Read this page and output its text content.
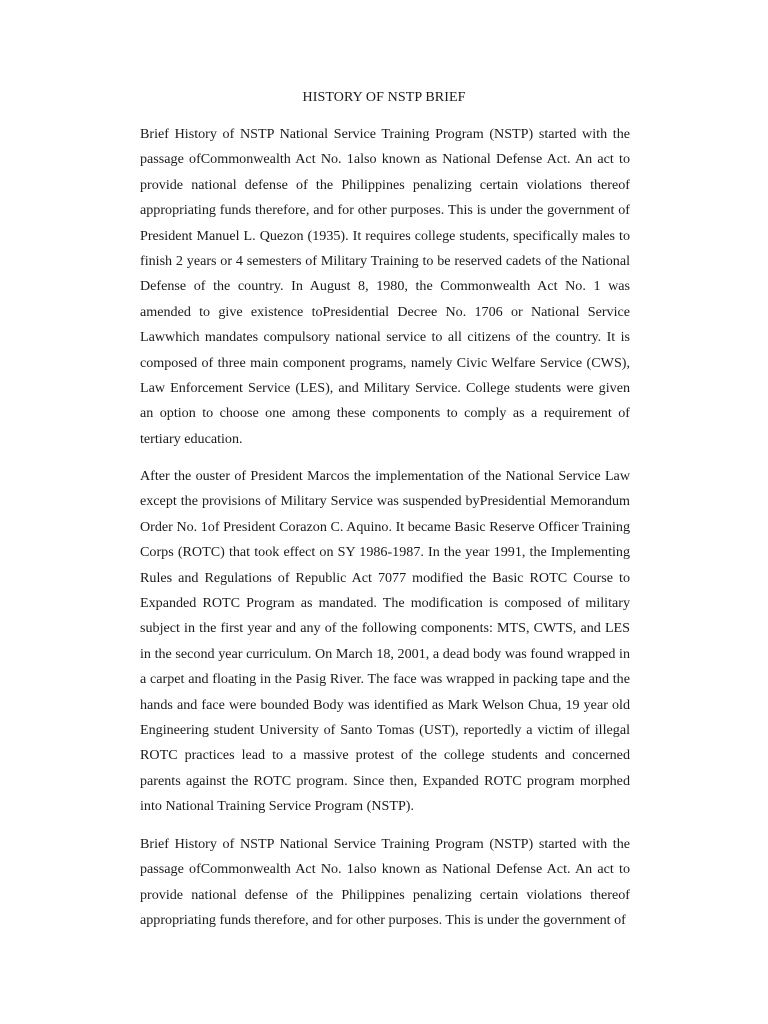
HISTORY OF NSTP BRIEF

Brief History of NSTP National Service Training Program (NSTP) started with the passage ofCommonwealth Act No. 1also known as National Defense Act. An act to provide national defense of the Philippines penalizing certain violations thereof appropriating funds therefore, and for other purposes. This is under the government of President Manuel L. Quezon (1935). It requires college students, specifically males to finish 2 years or 4 semesters of Military Training to be reserved cadets of the National Defense of the country. In August 8, 1980, the Commonwealth Act No. 1 was amended to give existence toPresidential Decree No. 1706 or National Service Lawwhich mandates compulsory national service to all citizens of the country. It is composed of three main component programs, namely Civic Welfare Service (CWS), Law Enforcement Service (LES), and Military Service. College students were given an option to choose one among these components to comply as a requirement of tertiary education.

After the ouster of President Marcos the implementation of the National Service Law except the provisions of Military Service was suspended byPresidential Memorandum Order No. 1of President Corazon C. Aquino. It became Basic Reserve Officer Training Corps (ROTC) that took effect on SY 1986-1987. In the year 1991, the Implementing Rules and Regulations of Republic Act 7077 modified the Basic ROTC Course to Expanded ROTC Program as mandated. The modification is composed of military subject in the first year and any of the following components: MTS, CWTS, and LES in the second year curriculum. On March 18, 2001, a dead body was found wrapped in a carpet and floating in the Pasig River. The face was wrapped in packing tape and the hands and face were bounded Body was identified as Mark Welson Chua, 19 year old Engineering student University of Santo Tomas (UST), reportedly a victim of illegal ROTC practices lead to a massive protest of the college students and concerned parents against the ROTC program. Since then, Expanded ROTC program morphed into National Training Service Program (NSTP).

Brief History of NSTP National Service Training Program (NSTP) started with the passage ofCommonwealth Act No. 1also known as National Defense Act. An act to provide national defense of the Philippines penalizing certain violations thereof appropriating funds therefore, and for other purposes. This is under the government of
